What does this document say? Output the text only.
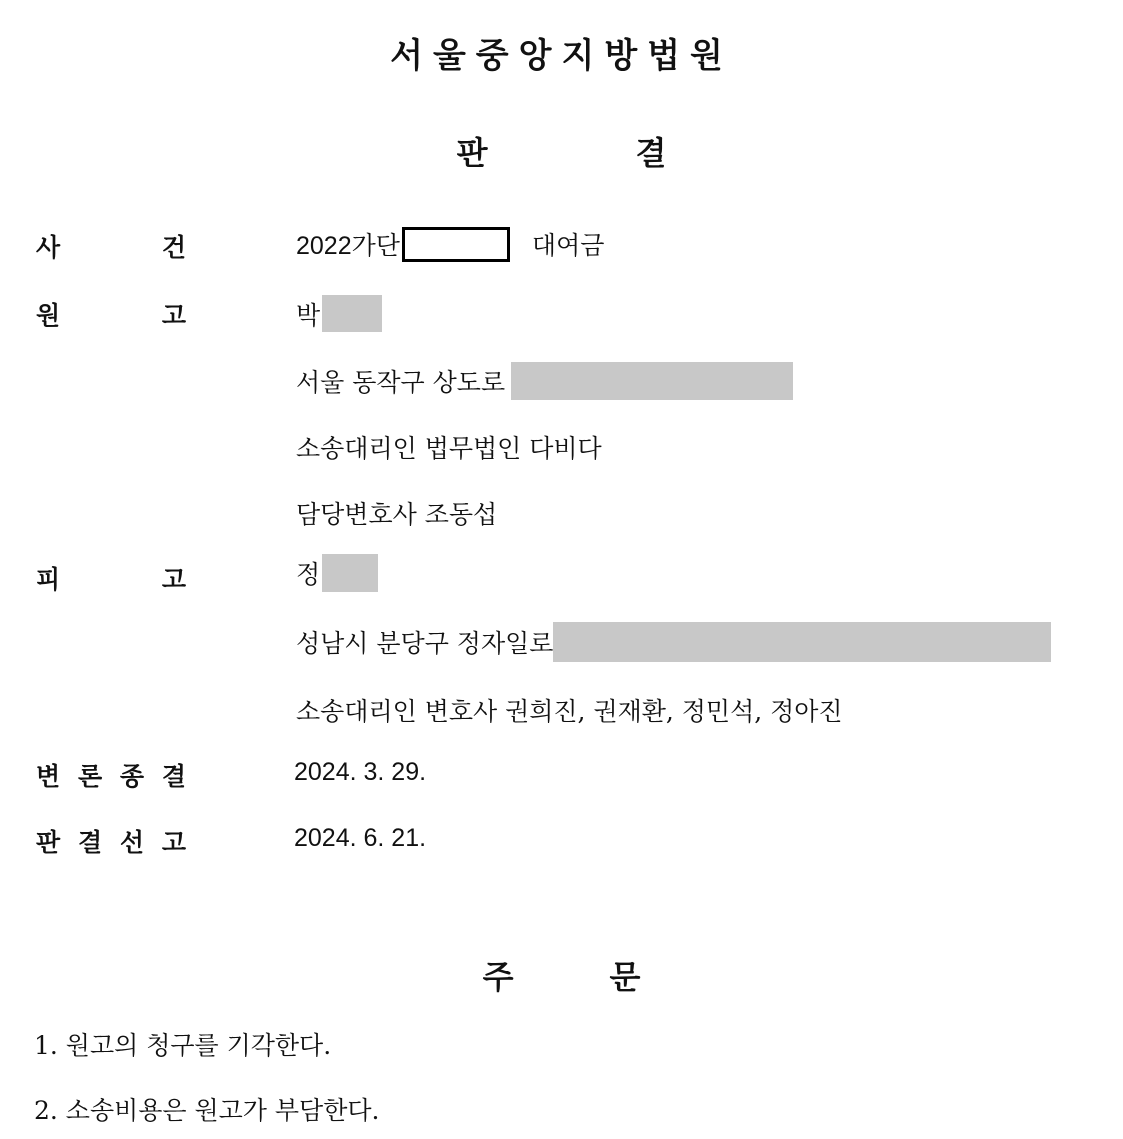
서울중앙지방법원
판결
사	건	2022가단	대여금
원	고	박
서울 동작구 상도로
소송대리인 법무법인 다비다
담당변호사 조동섭
피	고	정
성남시 분당구 정자일로
소송대리인 변호사 권희진, 권재환, 정민석, 정아진
변 론 종 결	2024. 3. 29.
판 결 선 고	2024. 6. 21.
주문
1. 원고의 청구를 기각한다.
2. 소송비용은 원고가 부담한다.
